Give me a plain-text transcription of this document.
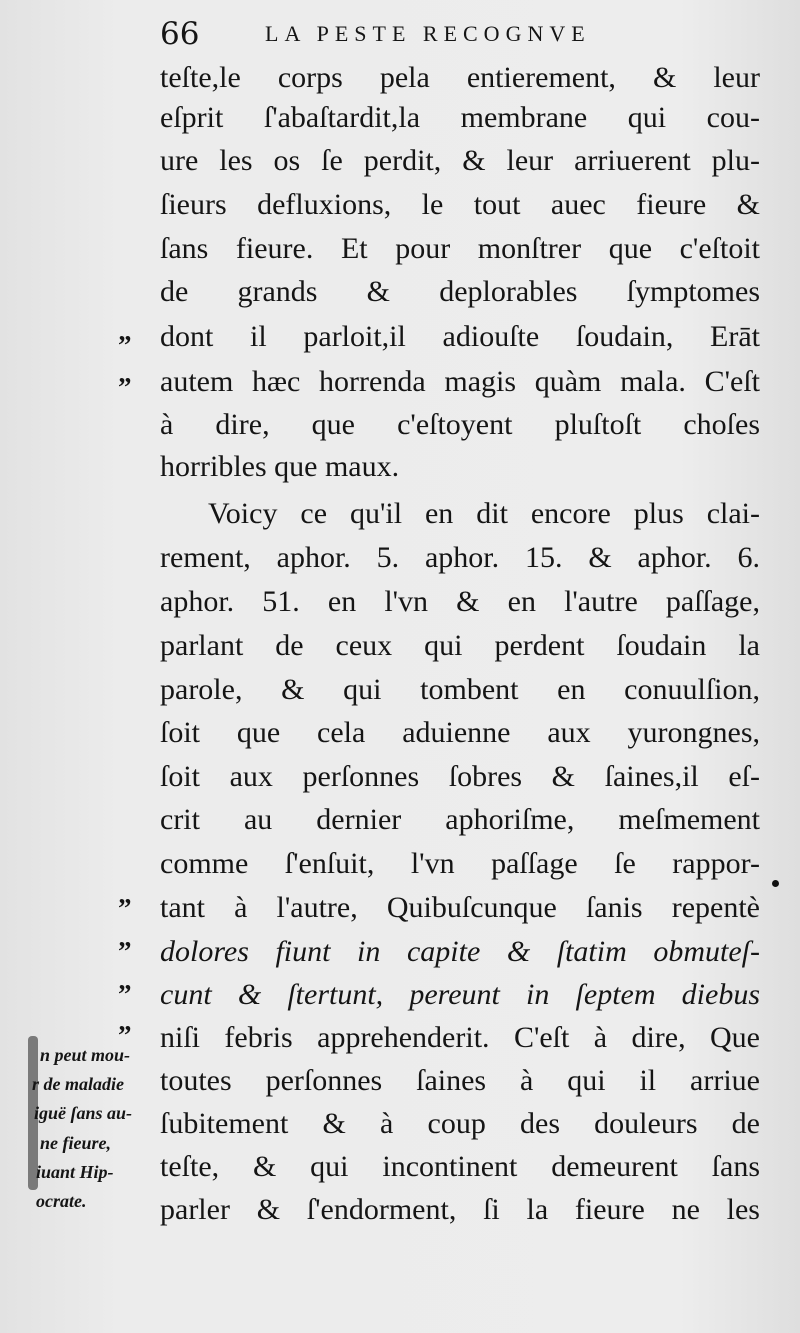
66	LA PESTE RECOGNVE
teſte,le corps pela entierement, & leur
eſprit ſ'abaſtardit,la membrane qui cou-
ure les os ſe perdit, & leur arriuerent plu-
ſieurs defluxions, le tout auec fieure &
ſans fieure. Et pour monſtrer que c'eſtoit
de grands & deplorables ſymptomes
dont il parloit,il adiouſte ſoudain, Erāt
autem hæc horrenda magis quàm mala. C'eſt
à dire, que c'eſtoyent pluſtoſt choſes
horribles que maux.
Voicy ce qu'il en dit encore plus clai-
rement, aphor. 5. aphor. 15. & aphor. 6.
aphor. 51. en l'vn & en l'autre paſſage,
parlant de ceux qui perdent ſoudain la
parole, & qui tombent en conuulſion,
ſoit que cela aduienne aux yurongnes,
ſoit aux perſonnes ſobres & ſaines,il eſ-
crit au dernier aphoriſme, meſmement
comme ſ'enſuit, l'vn paſſage ſe rappor-
tant à l'autre, Quibuſcunque ſanis repentè
dolores fiunt in capite & ſtatim obmuteſ-
cunt & ſtertunt, pereunt in ſeptem diebus
niſi febris apprehenderit. C'eſt à dire, Que
toutes perſonnes ſaines à qui il arriue
ſubitement & à coup des douleurs de
teſte, & qui incontinent demeurent ſans
parler & ſ'endorment, ſi la fieure ne les
”
”
”
”
”
”
n peut mou-
r de maladie
iguë ſans au-
ne fieure,
iuant Hip-
ocrate.
